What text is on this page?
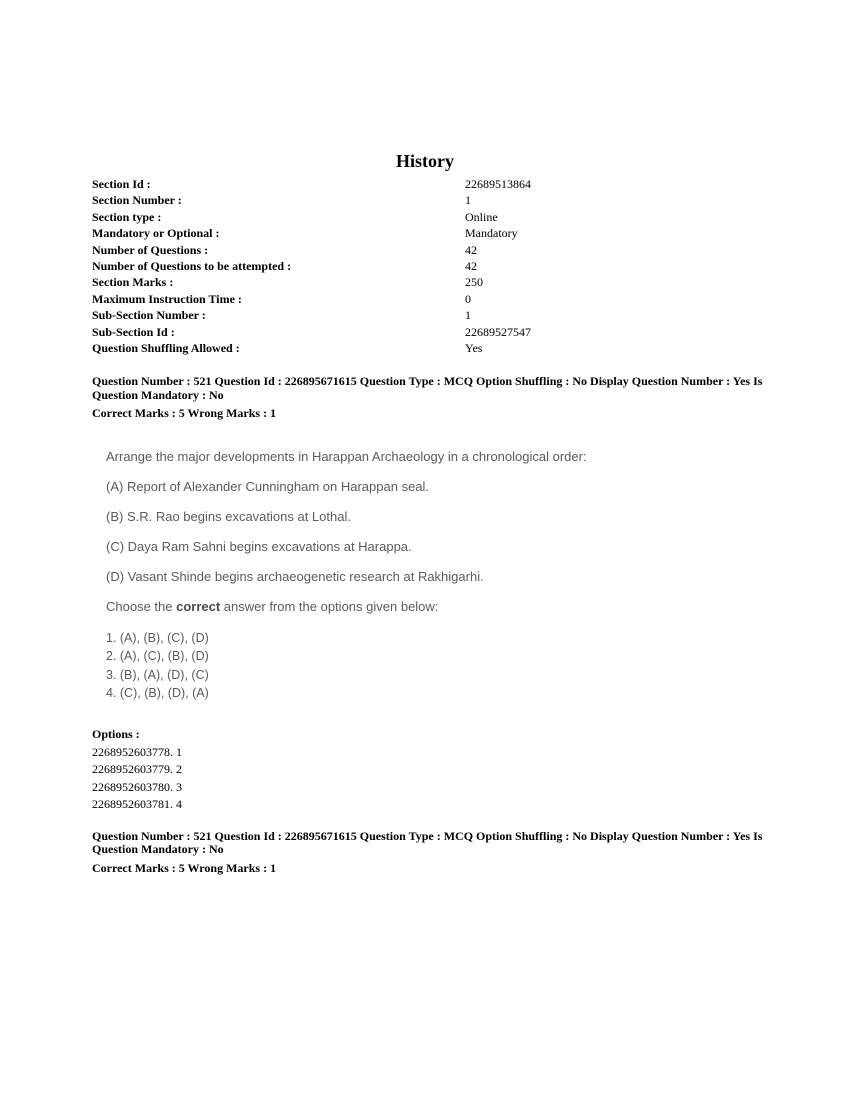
History
Section Id :	22689513864
Section Number :	1
Section type :	Online
Mandatory or Optional :	Mandatory
Number of Questions :	42
Number of Questions to be attempted :	42
Section Marks :	250
Maximum Instruction Time :	0
Sub-Section Number :	1
Sub-Section Id :	22689527547
Question Shuffling Allowed :	Yes

Question Number : 521 Question Id : 226895671615 Question Type : MCQ Option Shuffling : No Display Question Number : Yes Is
Question Mandatory : No

Correct Marks : 5 Wrong Marks : 1

Arrange the major developments in Harappan Archaeology in a chronological order:

(A) Report of Alexander Cunningham on Harappan seal.

(B) S.R. Rao begins excavations at Lothal.

(C) Daya Ram Sahni begins excavations at Harappa.

(D) Vasant Shinde begins archaeogenetic research at Rakhigarhi.

Choose the correct answer from the options given below:

1. (A), (B), (C), (D)

2. (A), (C), (B), (D)

3. (B), (A), (D), (C)

4. (C), (B), (D), (A)

Options :

2268952603778. 1

2268952603779. 2

2268952603780. 3

2268952603781. 4

Question Number : 521 Question Id : 226895671615 Question Type : MCQ Option Shuffling : No Display Question Number : Yes Is
Question Mandatory : No

Correct Marks : 5 Wrong Marks : 1
